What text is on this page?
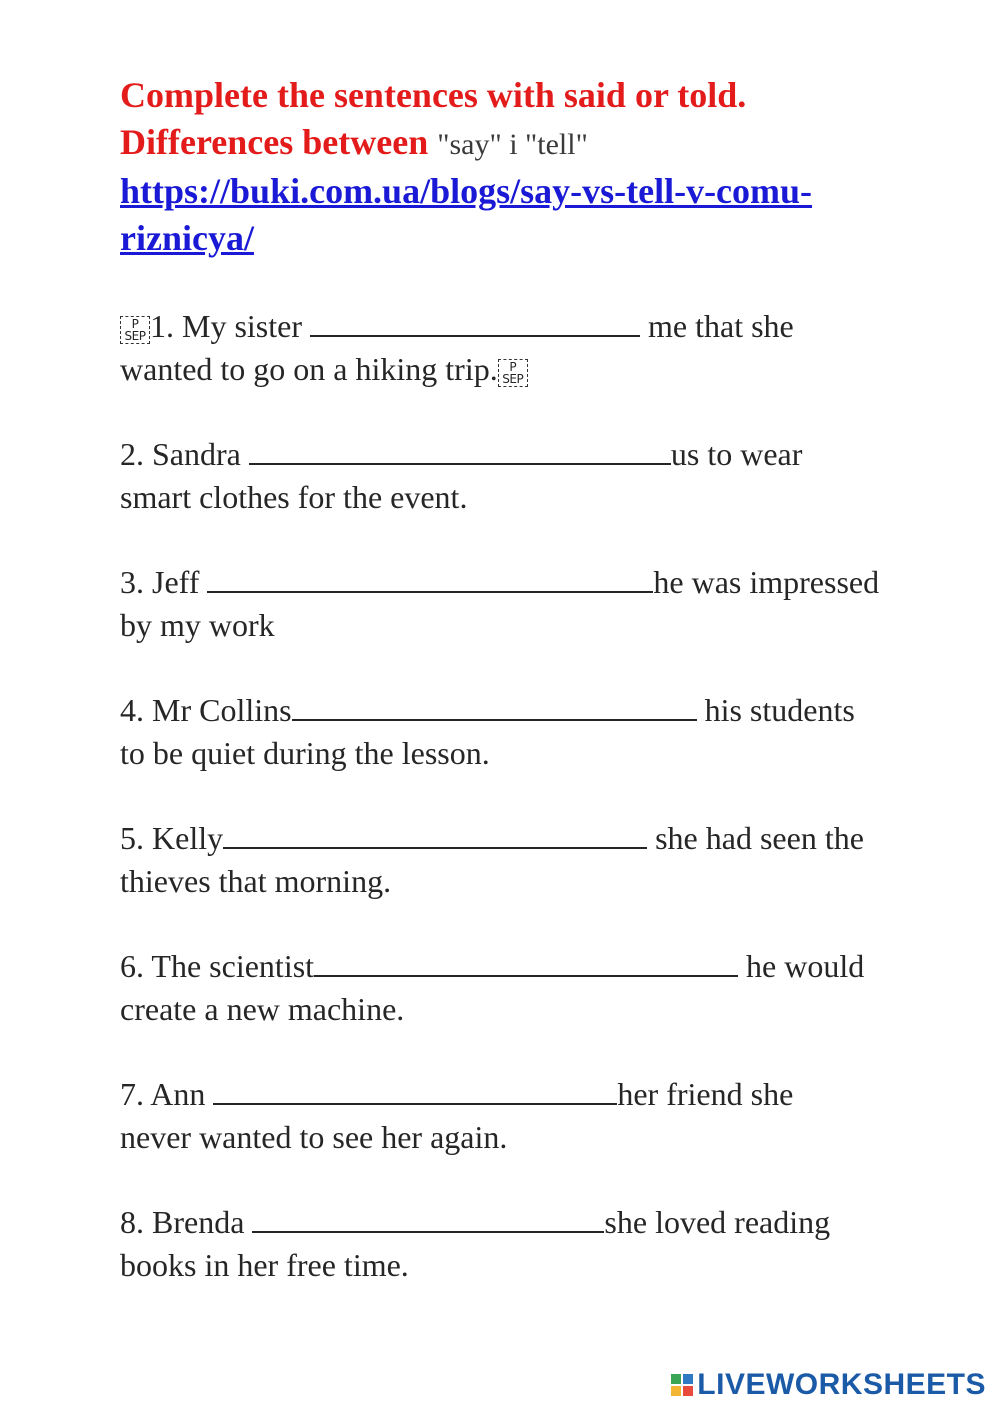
Complete the sentences with said or told.
Differences between "say" i "tell"
https://buki.com.ua/blogs/say-vs-tell-v-comu-
riznicya/

P
SEP 1. My sister	me that she
wanted to go on a hiking trip. P
SEP

2. Sandra	us to wear
smart clothes for the event.

3. Jeff	he was impressed
by my work

4. Mr Collins	his students
to be quiet during the lesson.

5. Kelly	she had seen the
thieves that morning.

6. The scientist	he would
create a new machine.

7. Ann	her friend she
never wanted to see her again.

8. Brenda	she loved reading
books in her free time.

LIVEWORKSHEETS
